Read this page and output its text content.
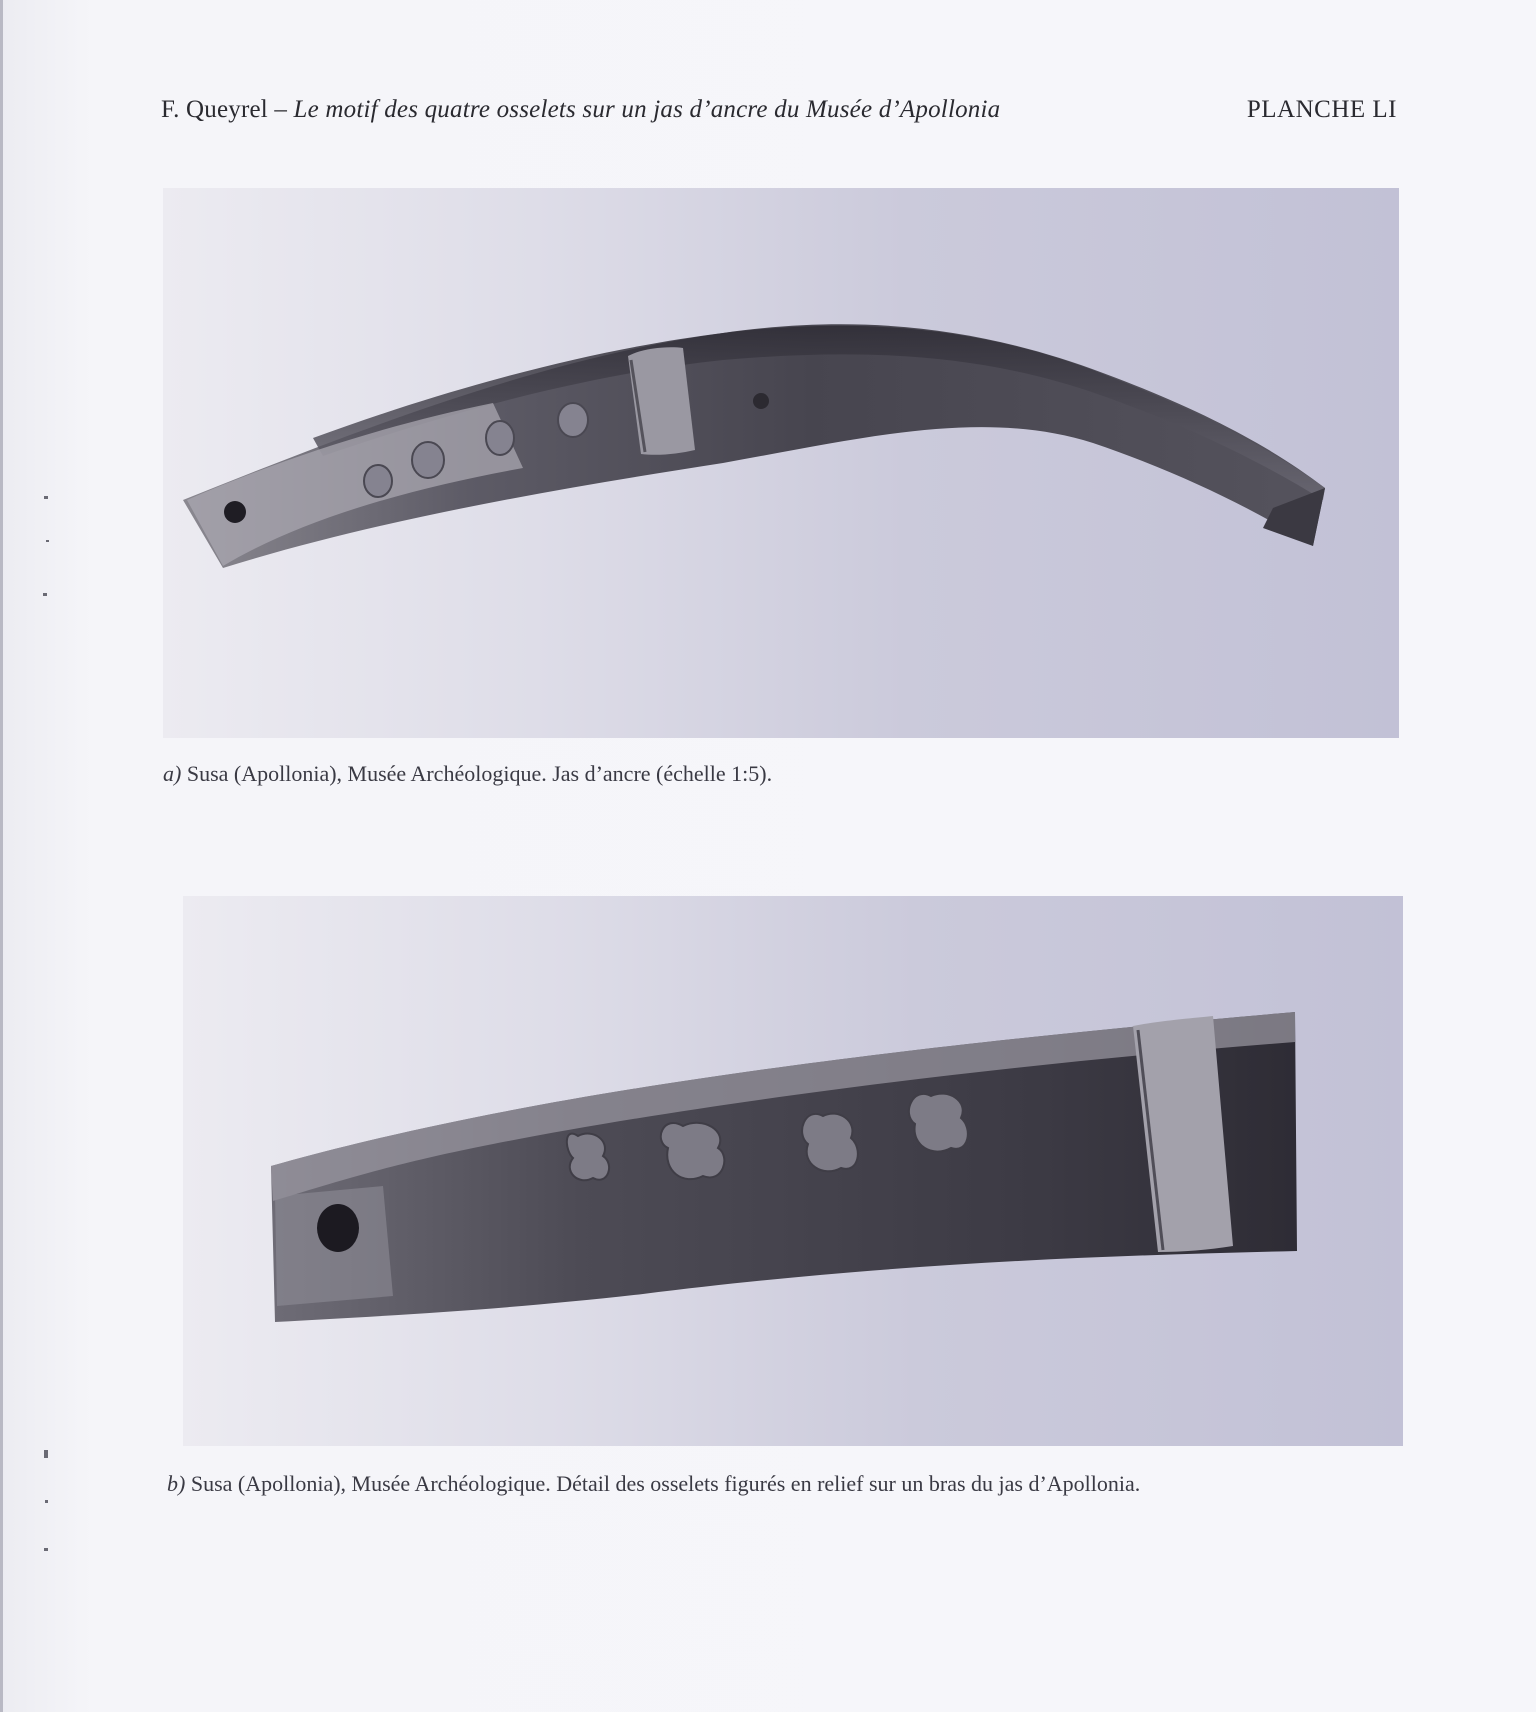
F. Queyrel – Le motif des quatre osselets sur un jas d’ancre du Musée d’Apollonia	PLANCHE LI
a) Susa (Apollonia), Musée Archéologique. Jas d’ancre (échelle 1:5).
b) Susa (Apollonia), Musée Archéologique. Détail des osselets figurés en relief sur un bras du jas d’Apollonia.
